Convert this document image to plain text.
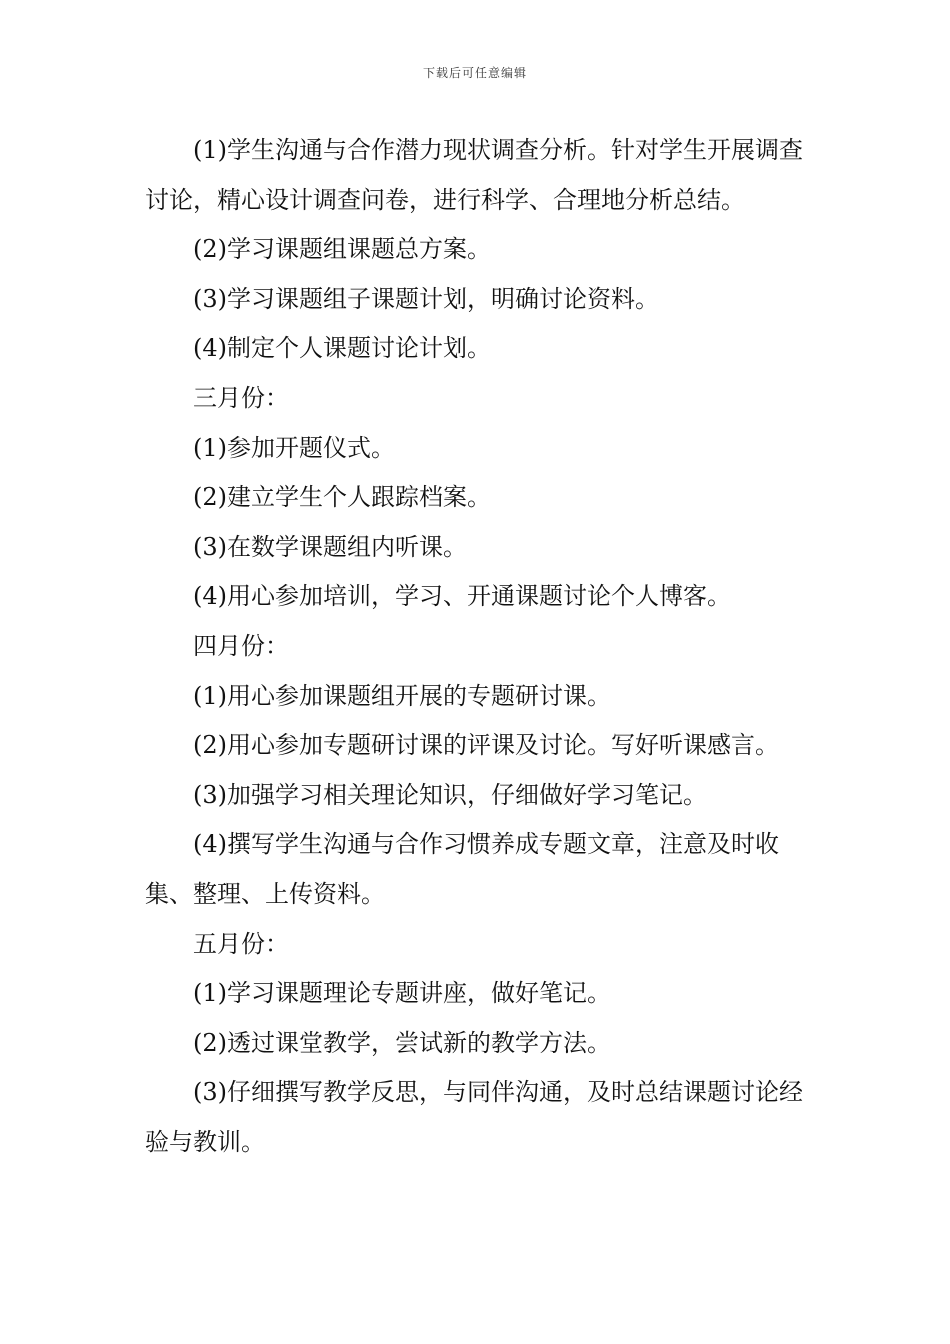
下载后可任意编辑

(1)学生沟通与合作潜力现状调查分析。针对学生开展调查讨论，精心设计调查问卷，进行科学、合理地分析总结。

(2)学习课题组课题总方案。

(3)学习课题组子课题计划，明确讨论资料。

(4)制定个人课题讨论计划。

三月份：

(1)参加开题仪式。

(2)建立学生个人跟踪档案。

(3)在数学课题组内听课。

(4)用心参加培训，学习、开通课题讨论个人博客。

四月份：

(1)用心参加课题组开展的专题研讨课。

(2)用心参加专题研讨课的评课及讨论。写好听课感言。

(3)加强学习相关理论知识，仔细做好学习笔记。

(4)撰写学生沟通与合作习惯养成专题文章，注意及时收集、整理、上传资料。

五月份：

(1)学习课题理论专题讲座，做好笔记。

(2)透过课堂教学，尝试新的教学方法。

(3)仔细撰写教学反思，与同伴沟通，及时总结课题讨论经验与教训。
